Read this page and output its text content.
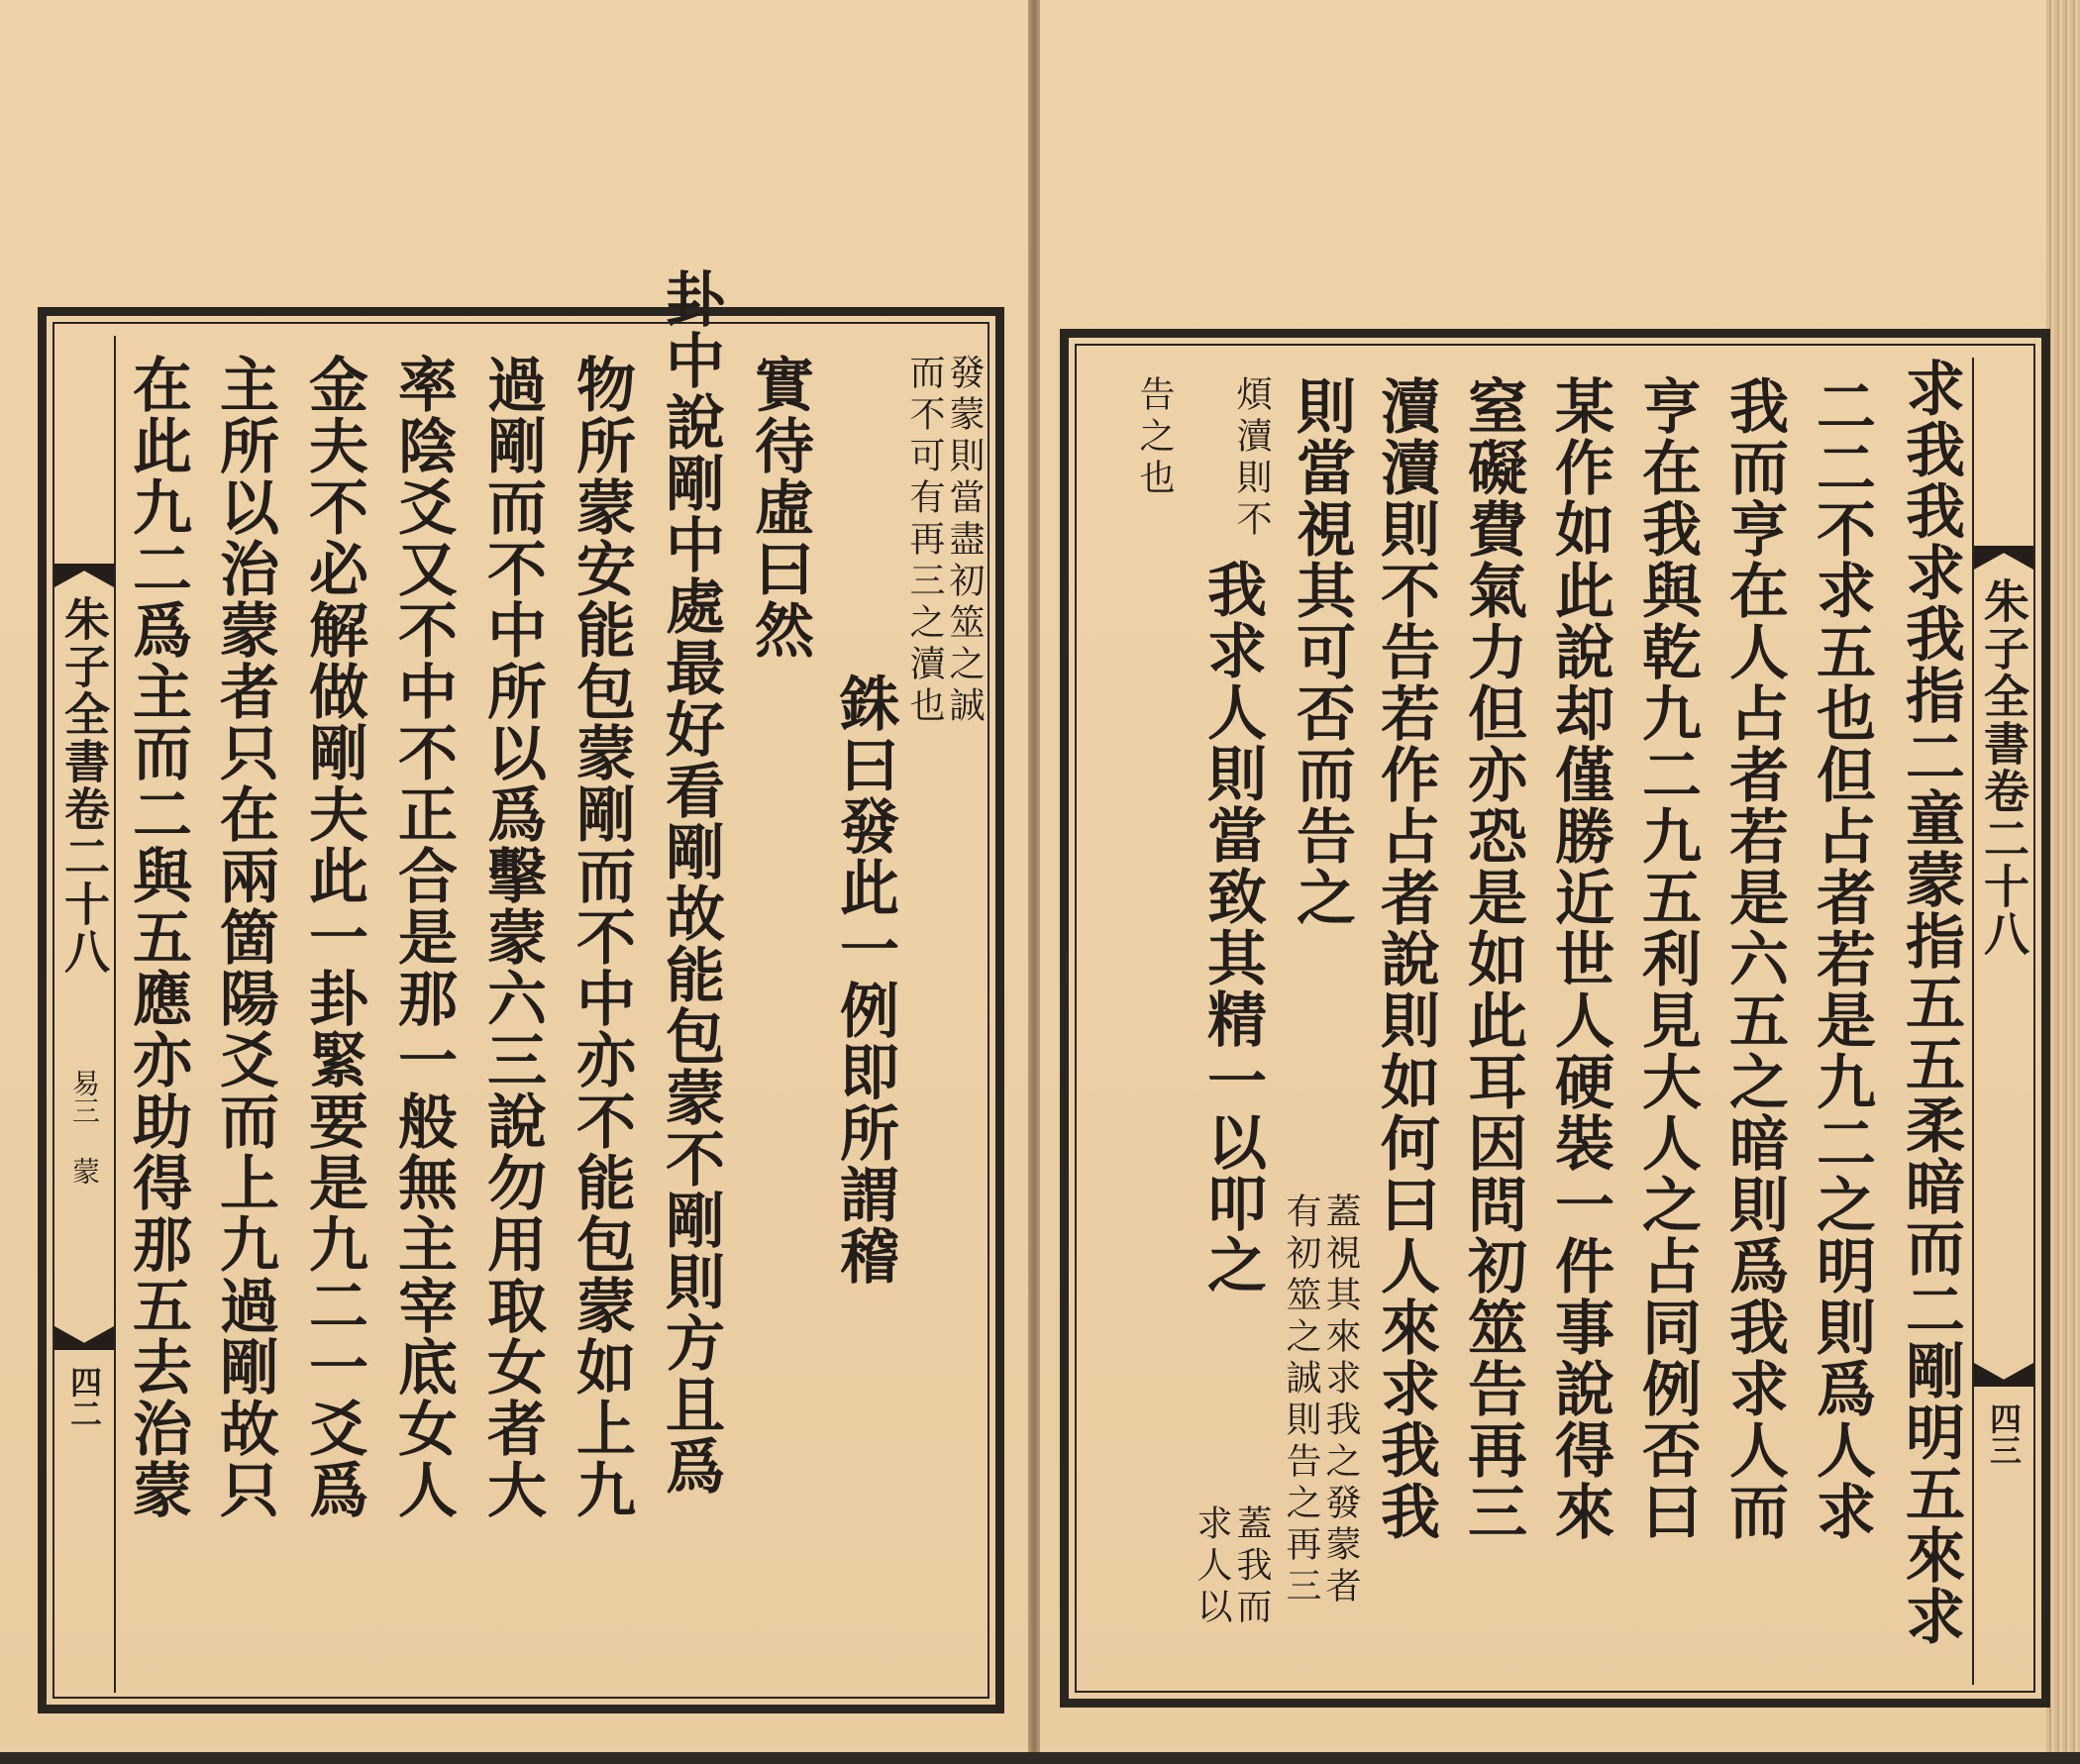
朱子全書卷二十八
易三 蒙
四二
發蒙則當盡初筮之誠
而不可有再三之瀆也
銖曰發此一例即所謂稽
實待虛曰然
卦中說剛中處最好看剛故能包蒙不剛則方且爲
物所蒙安能包蒙剛而不中亦不能包蒙如上九
過剛而不中所以爲擊蒙六三說勿用取女者大
率陰爻又不中不正合是那一般無主宰底女人
金夫不必解做剛夫此一卦緊要是九二一爻爲
主所以治蒙者只在兩箇陽爻而上九過剛故只
在此九二爲主而二與五應亦助得那五去治蒙	朱子全書卷二十八
四三
求我我求我指二童蒙指五五柔暗而二剛明五來求
二二不求五也但占者若是九二之明則爲人求
我而亨在人占者若是六五之暗則爲我求人而
亨在我與乾九二九五利見大人之占同例否曰
某作如此說却僅勝近世人硬裝一件事說得來
窒礙費氣力但亦恐是如此耳因問初筮告再三
瀆瀆則不告若作占者說則如何曰人來求我我
則當視其可否而告之
蓋視其來求我之發蒙者
有初筮之誠則告之再三
煩瀆則不
我求人則當致其精一以叩之
蓋我而
求人以
告之也
